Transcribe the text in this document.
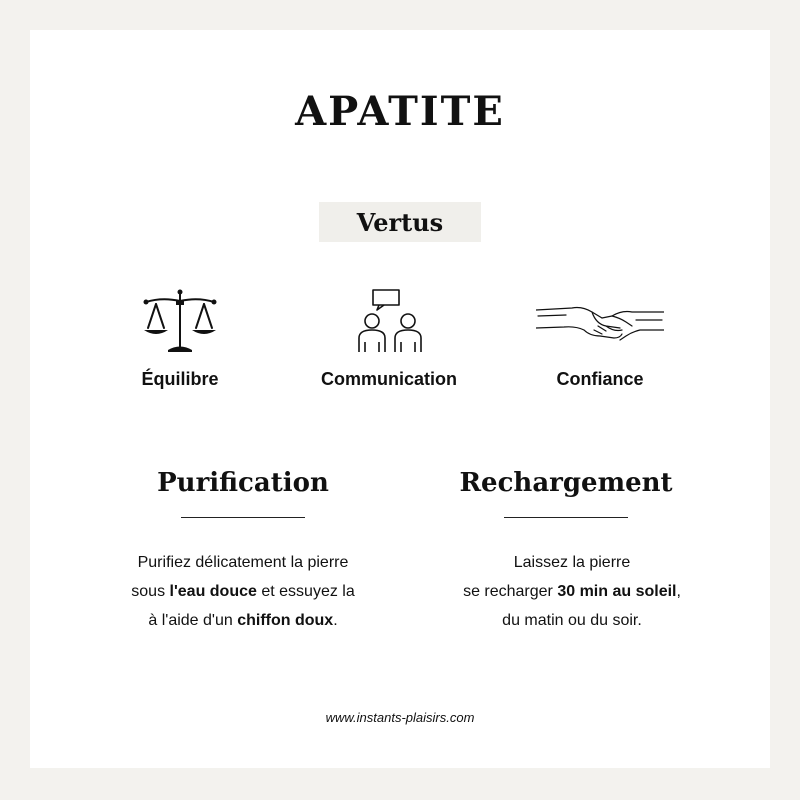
APATITE
Vertus
Équilibre	Communication	Confiance
Purification
Purifiez délicatement la pierre
sous l'eau douce et essuyez la
à l'aide d'un chiffon doux.
Rechargement
Laissez la pierre
se recharger 30 min au soleil,
du matin ou du soir.
www.instants-plaisirs.com
